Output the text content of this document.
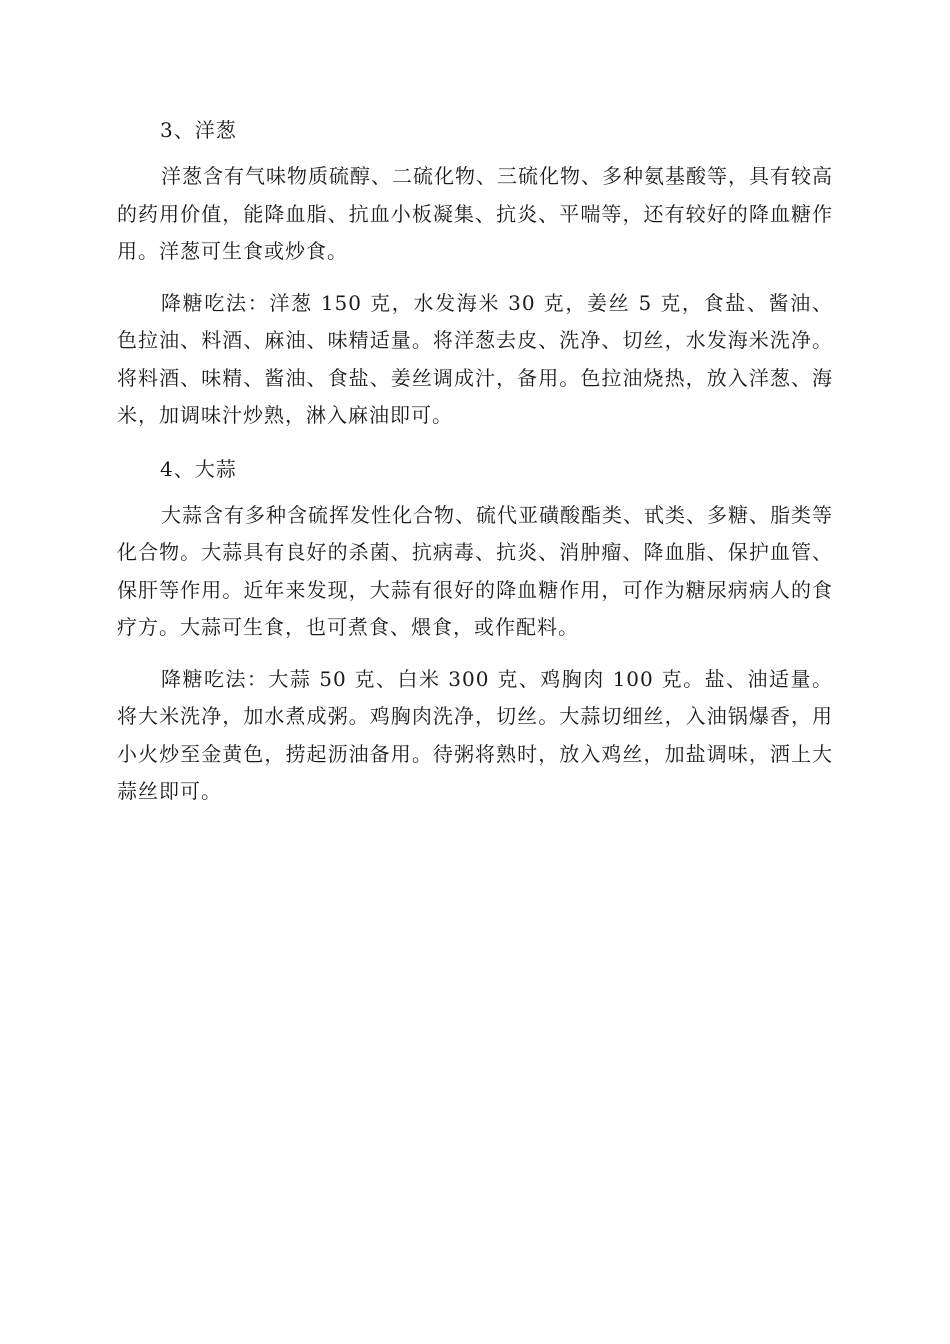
3、洋葱

洋葱含有气味物质硫醇、二硫化物、三硫化物、多种氨基酸等，具有较高的药用价值，能降血脂、抗血小板凝集、抗炎、平喘等，还有较好的降血糖作用。洋葱可生食或炒食。

降糖吃法：洋葱 150 克，水发海米 30 克，姜丝 5 克，食盐、酱油、色拉油、料酒、麻油、味精适量。将洋葱去皮、洗净、切丝，水发海米洗净。将料酒、味精、酱油、食盐、姜丝调成汁，备用。色拉油烧热，放入洋葱、海米，加调味汁炒熟，淋入麻油即可。

4、大蒜

大蒜含有多种含硫挥发性化合物、硫代亚磺酸酯类、甙类、多糖、脂类等化合物。大蒜具有良好的杀菌、抗病毒、抗炎、消肿瘤、降血脂、保护血管、保肝等作用。近年来发现，大蒜有很好的降血糖作用，可作为糖尿病病人的食疗方。大蒜可生食，也可煮食、煨食，或作配料。

降糖吃法：大蒜 50 克、白米 300 克、鸡胸肉 100 克。盐、油适量。将大米洗净，加水煮成粥。鸡胸肉洗净，切丝。大蒜切细丝，入油锅爆香，用小火炒至金黄色，捞起沥油备用。待粥将熟时，放入鸡丝，加盐调味，洒上大蒜丝即可。
